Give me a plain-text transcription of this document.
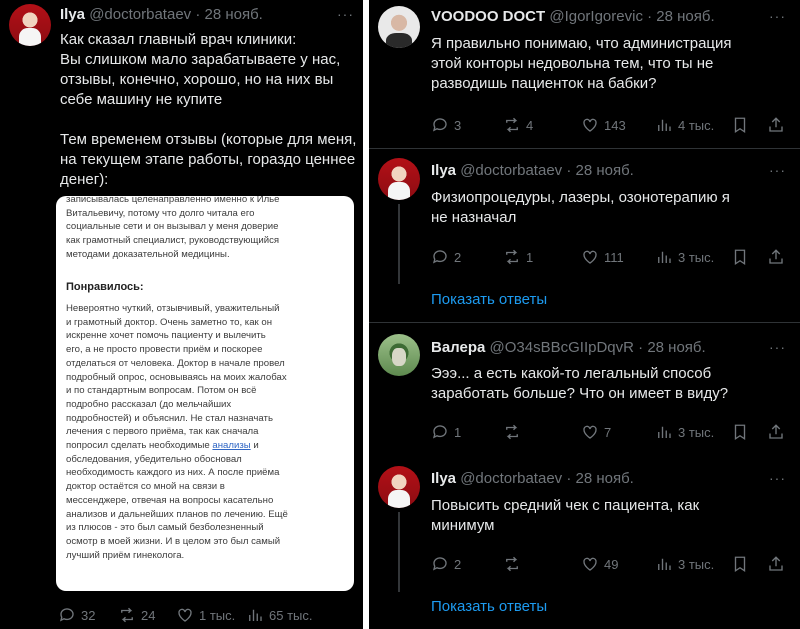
Ilya @doctorbataev · 28 нояб.	···
Как сказал главный врач клиники:
Вы слишком мало зарабатываете у нас,
отзывы, конечно, хорошо, но на них вы
себе машину не купите
Тем временем отзывы (которые для меня,
на текущем этапе работы, гораздо ценнее
денег):
записывалась целенаправленно именно к Илье
Витальевичу, потому что долго читала его
социальные сети и он вызывал у меня доверие
как грамотный специалист, руководствующийся
методами доказательной медицины.
Понравилось:
Невероятно чуткий, отзывчивый, уважительный
и грамотный доктор. Очень заметно то, как он
искренне хочет помочь пациенту и вылечить
его, а не просто провести приём и поскорее
отделаться от человека. Доктор в начале провел
подробный опрос, основываясь на моих жалобах
и по стандартным вопросам. Потом он всё
подробно рассказал (до мельчайших
подробностей) и объяснил. Не стал назначать
лечения с первого приёма, так как сначала
попросил сделать необходимые анализы и
обследования, убедительно обосновал
необходимость каждого из них. А после приёма
доктор остаётся со мной на связи в
мессенджере, отвечая на вопросы касательно
анализов и дальнейших планов по лечению. Ещё
из плюсов - это был самый безболезненный
осмотр в моей жизни. И в целом это был самый
лучший приём гинеколога.
32	24	1 тыс.	65 тыс.
VOODOO DOCT @IgorIgorevic · 28 нояб.	···
Я правильно понимаю, что администрация
этой конторы недовольна тем, что ты не
разводишь пациенток на бабки?
3	4	143	4 тыс.
Ilya @doctorbataev · 28 нояб.	···
Физиопроцедуры, лазеры, озонотерапию я
не назначал
2	1	111	3 тыс.
Показать ответы
Валера @O34sBBcGIIpDqvR · 28 нояб.	···
Эээ... а есть какой-то легальный способ
заработать больше? Что он имеет в виду?
1	7	3 тыс.
Ilya @doctorbataev · 28 нояб.	···
Повысить средний чек с пациента, как
минимум
2	49	3 тыс.
Показать ответы
